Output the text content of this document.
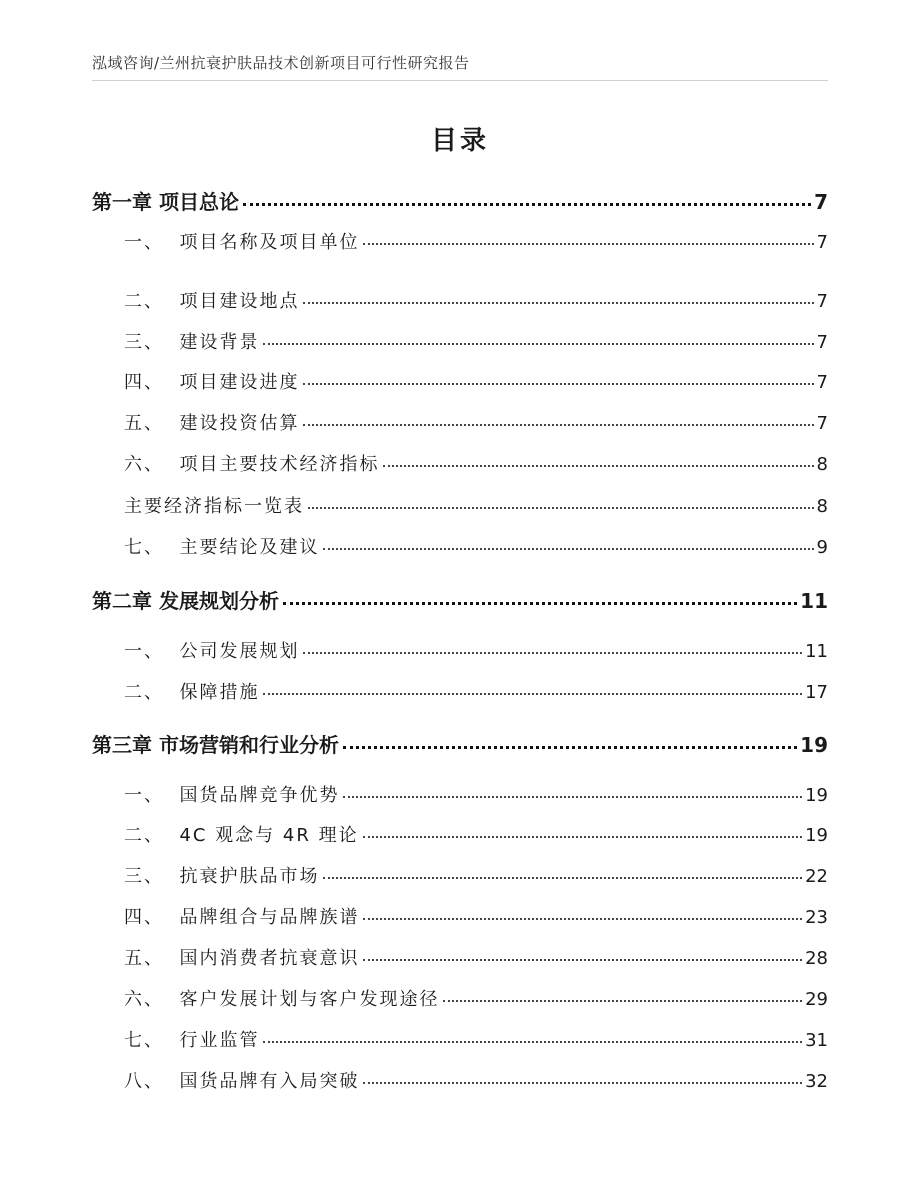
泓域咨询/兰州抗衰护肤品技术创新项目可行性研究报告
目录
第一章 项目总论	7
一、  项目名称及项目单位	7
二、  项目建设地点	7
三、  建设背景	7
四、  项目建设进度	7
五、  建设投资估算	7
六、  项目主要技术经济指标	8
主要经济指标一览表	8
七、  主要结论及建议	9
第二章 发展规划分析	11
一、  公司发展规划	11
二、  保障措施	17
第三章 市场营销和行业分析	19
一、  国货品牌竞争优势	19
二、  4C 观念与 4R 理论	19
三、  抗衰护肤品市场	22
四、  品牌组合与品牌族谱	23
五、  国内消费者抗衰意识	28
六、  客户发展计划与客户发现途径	29
七、  行业监管	31
八、  国货品牌有入局突破	32
